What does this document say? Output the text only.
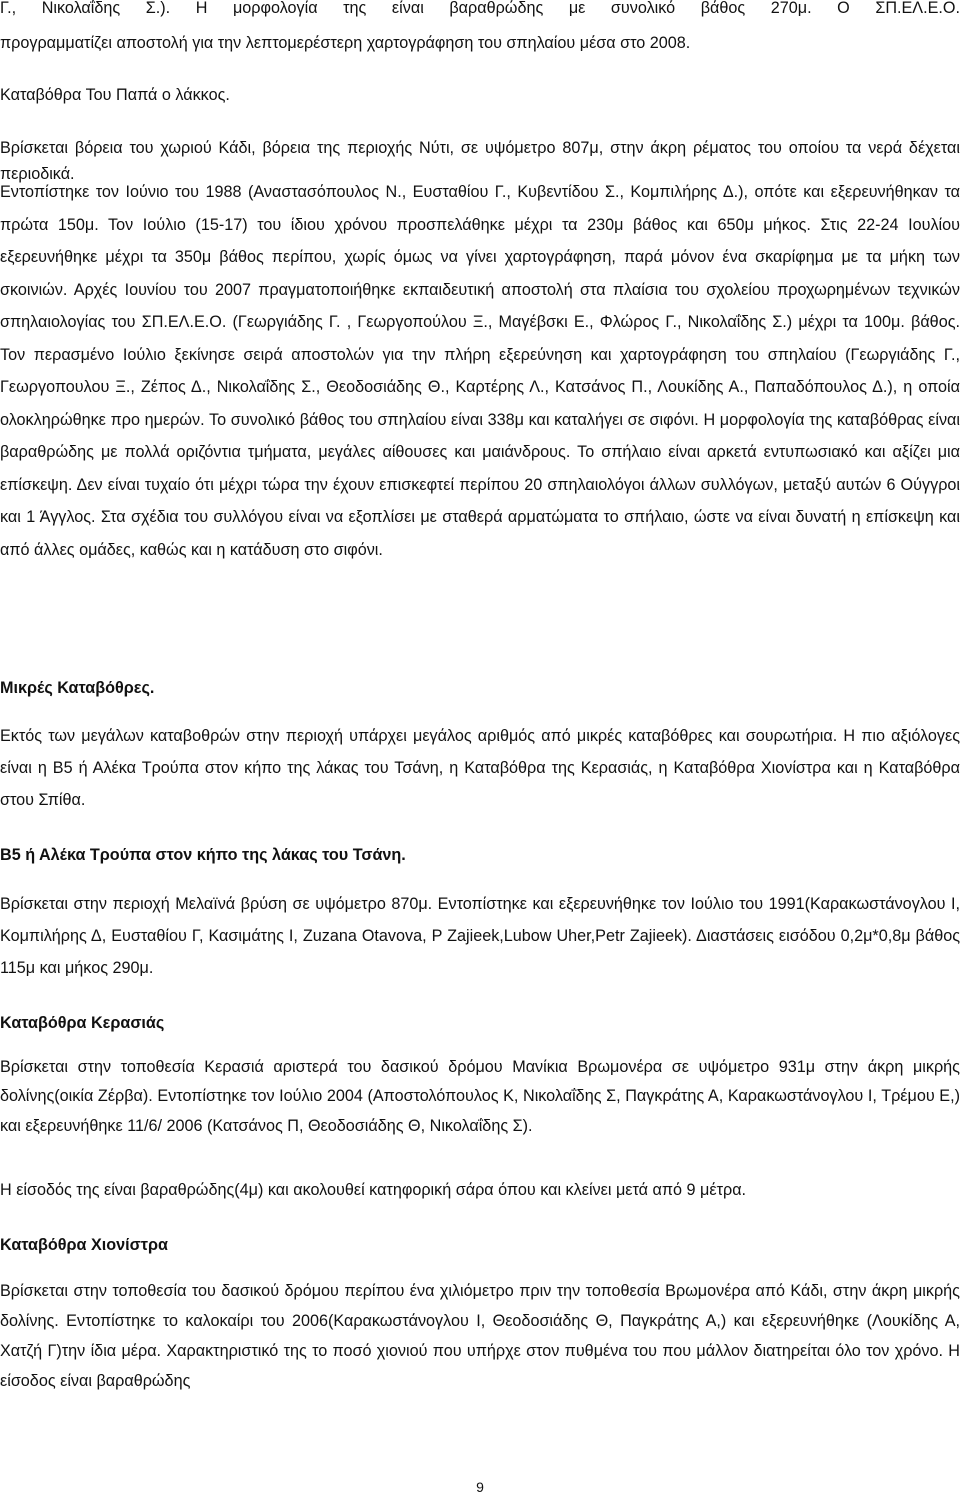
Γ., Νικολαΐδης Σ.). Η μορφολογία της είναι βαραθρώδης με συνολικό βάθος 270μ. Ο ΣΠ.ΕΛ.Ε.Ο.
προγραμματίζει αποστολή για την λεπτομερέστερη χαρτογράφηση του σπηλαίου μέσα στο 2008.
Καταβόθρα Του Παπά ο λάκκος.
Βρίσκεται βόρεια του χωριού Κάδι, βόρεια της περιοχής Νύτι, σε υψόμετρο 807μ, στην άκρη ρέματος του οποίου τα νερά δέχεται περιοδικά.
Εντοπίστηκε τον Ιούνιο του 1988 (Αναστασόπουλος Ν., Ευσταθίου Γ., Κυβεντίδου Σ., Κομπιλήρης Δ.), οπότε και εξερευνήθηκαν τα πρώτα 150μ. Τον Ιούλιο (15-17) του ίδιου χρόνου προσπελάθηκε μέχρι τα 230μ βάθος και 650μ μήκος. Στις 22-24 Ιουλίου εξερευνήθηκε μέχρι τα 350μ βάθος περίπου, χωρίς όμως να γίνει χαρτογράφηση, παρά μόνον ένα σκαρίφημα με τα μήκη των σκοινιών. Αρχές Ιουνίου του 2007 πραγματοποιήθηκε εκπαιδευτική αποστολή στα πλαίσια του σχολείου προχωρημένων τεχνικών σπηλαιολογίας του ΣΠ.ΕΛ.Ε.Ο. (Γεωργιάδης Γ. , Γεωργοπούλου Ξ., Μαγέβσκι Ε., Φλώρος Γ., Νικολαΐδης Σ.) μέχρι τα 100μ. βάθος. Τον περασμένο Ιούλιο ξεκίνησε σειρά αποστολών για την πλήρη εξερεύνηση και χαρτογράφηση του σπηλαίου (Γεωργιάδης Γ., Γεωργοπουλου Ξ., Ζέπος Δ., Νικολαΐδης Σ., Θεοδοσιάδης Θ., Καρτέρης Λ., Κατσάνος Π., Λουκίδης Α., Παπαδόπουλος Δ.), η οποία ολοκληρώθηκε προ ημερών. Το συνολικό βάθος του σπηλαίου είναι 338μ και καταλήγει σε σιφόνι. Η μορφολογία της καταβόθρας είναι βαραθρώδης με πολλά οριζόντια τμήματα, μεγάλες αίθουσες και μαιάνδρους. Το σπήλαιο είναι αρκετά εντυπωσιακό και αξίζει μια επίσκεψη. Δεν είναι τυχαίο ότι μέχρι τώρα την έχουν επισκεφτεί περίπου 20 σπηλαιολόγοι άλλων συλλόγων, μεταξύ αυτών 6 Ούγγροι και 1 Άγγλος. Στα σχέδια του συλλόγου είναι να εξοπλίσει με σταθερά αρματώματα το σπήλαιο, ώστε να είναι δυνατή η επίσκεψη και από άλλες ομάδες, καθώς και η κατάδυση στο σιφόνι.
Μικρές Καταβόθρες.
Εκτός των μεγάλων καταβοθρών στην περιοχή υπάρχει μεγάλος αριθμός από μικρές καταβόθρες και σουρωτήρια. Η πιο αξιόλογες είναι η Β5 ή Αλέκα Τρούπα στον κήπο της λάκας του Τσάνη, η Καταβόθρα της Κερασιάς, η Καταβόθρα Χιονίστρα και η Καταβόθρα στου Σπίθα.
Β5 ή Αλέκα Τρούπα στον κήπο της λάκας του Τσάνη.
Βρίσκεται στην περιοχή Μελαїνά βρύση σε υψόμετρο 870μ. Εντοπίστηκε και εξερευνήθηκε τον Ιούλιο του 1991(Καρακωστάνογλου Ι, Κομπιλήρης Δ, Ευσταθίου Γ, Κασιμάτης Ι, Zuzana Otavova, P Zajieek,Lubow Uher,Petr Zajieek). Διαστάσεις εισόδου 0,2μ*0,8μ βάθος 115μ και μήκος 290μ.
Καταβόθρα Κερασιάς
Βρίσκεται στην τοποθεσία Κερασιά αριστερά του δασικού δρόμου Μανίκια Βρωμονέρα σε υψόμετρο 931μ στην άκρη μικρής δολίνης(οικία Ζέρβα). Εντοπίστηκε τον Ιούλιο 2004 (Αποστολόπουλος Κ, Νικολαΐδης Σ, Παγκράτης Α, Καρακωστάνογλου Ι, Τρέμου Ε,) και εξερευνήθηκε 11/6/ 2006 (Κατσάνος Π, Θεοδοσιάδης Θ, Νικολαΐδης Σ).
Η είσοδός της είναι βαραθρώδης(4μ) και ακολουθεί κατηφορική σάρα όπου και κλείνει μετά από 9 μέτρα.
Καταβόθρα Χιονίστρα
Βρίσκεται στην τοποθεσία του δασικού δρόμου περίπου ένα χιλιόμετρο πριν την τοποθεσία Βρωμονέρα από Κάδι, στην άκρη μικρής δολίνης. Εντοπίστηκε το καλοκαίρι του 2006(Καρακωστάνογλου Ι, Θεοδοσιάδης Θ, Παγκράτης Α,) και εξερευνήθηκε (Λουκίδης Α, Χατζή Γ)την ίδια μέρα. Χαρακτηριστικό της το ποσό χιονιού που υπήρχε στον πυθμένα του που μάλλον διατηρείται όλο τον χρόνο. Η είσοδος είναι βαραθρώδης
9
